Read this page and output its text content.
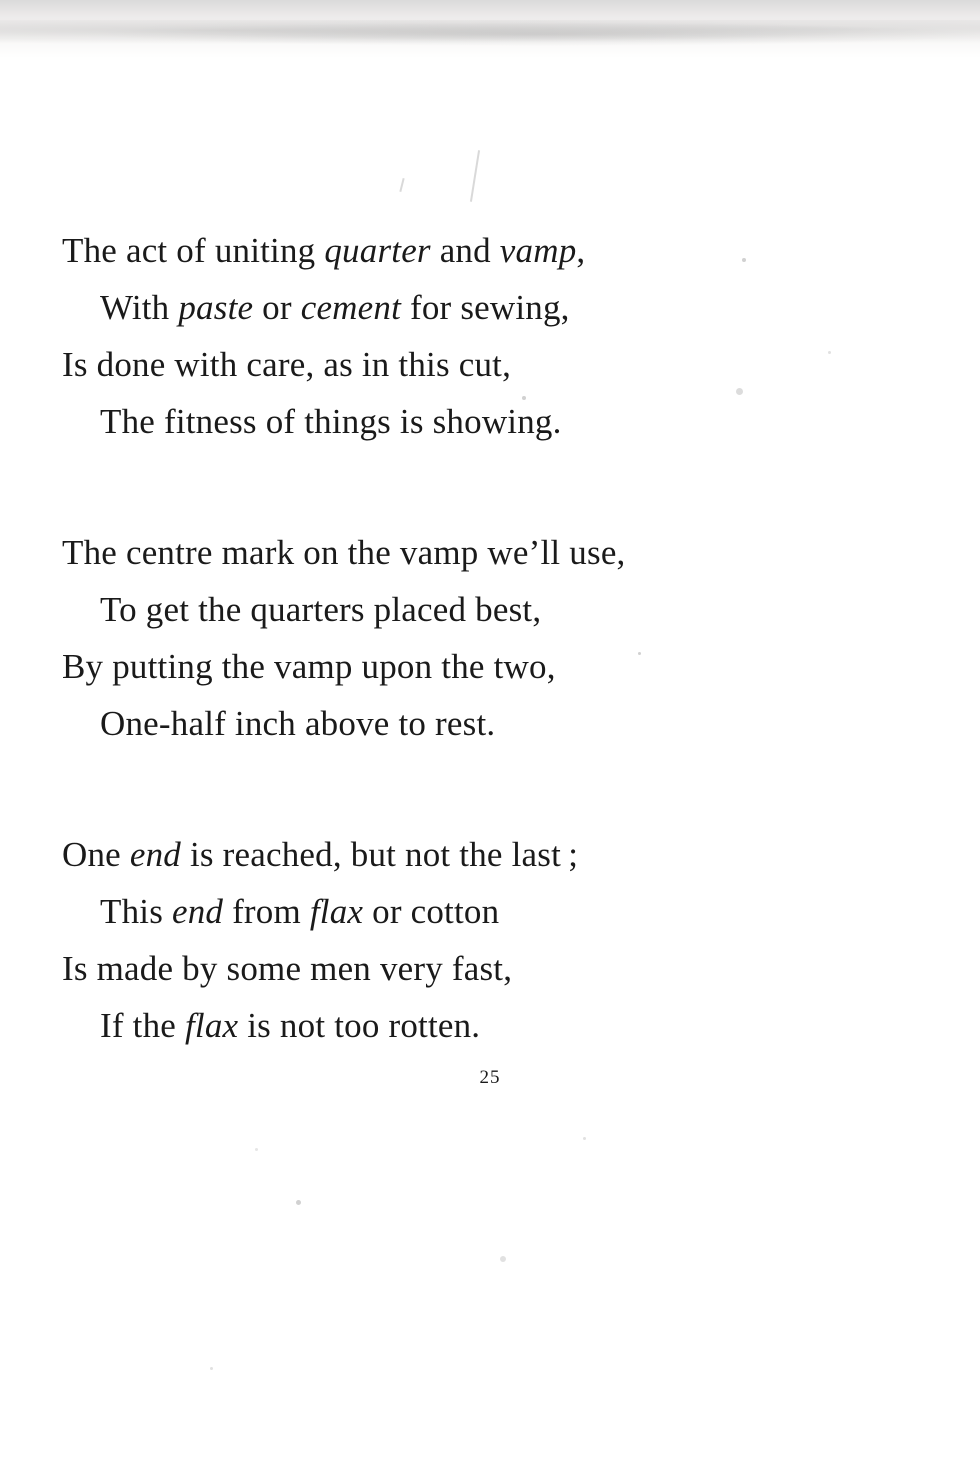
The act of uniting quarter and vamp,

With paste or cement for sewing,

Is done with care, as in this cut,

The fitness of things is showing.

The centre mark on the vamp we’ll use,

To get the quarters placed best,

By putting the vamp upon the two,

One-half inch above to rest.

One end is reached, but not the last ;

This end from flax or cotton

Is made by some men very fast,

If the flax is not too rotten.

25
